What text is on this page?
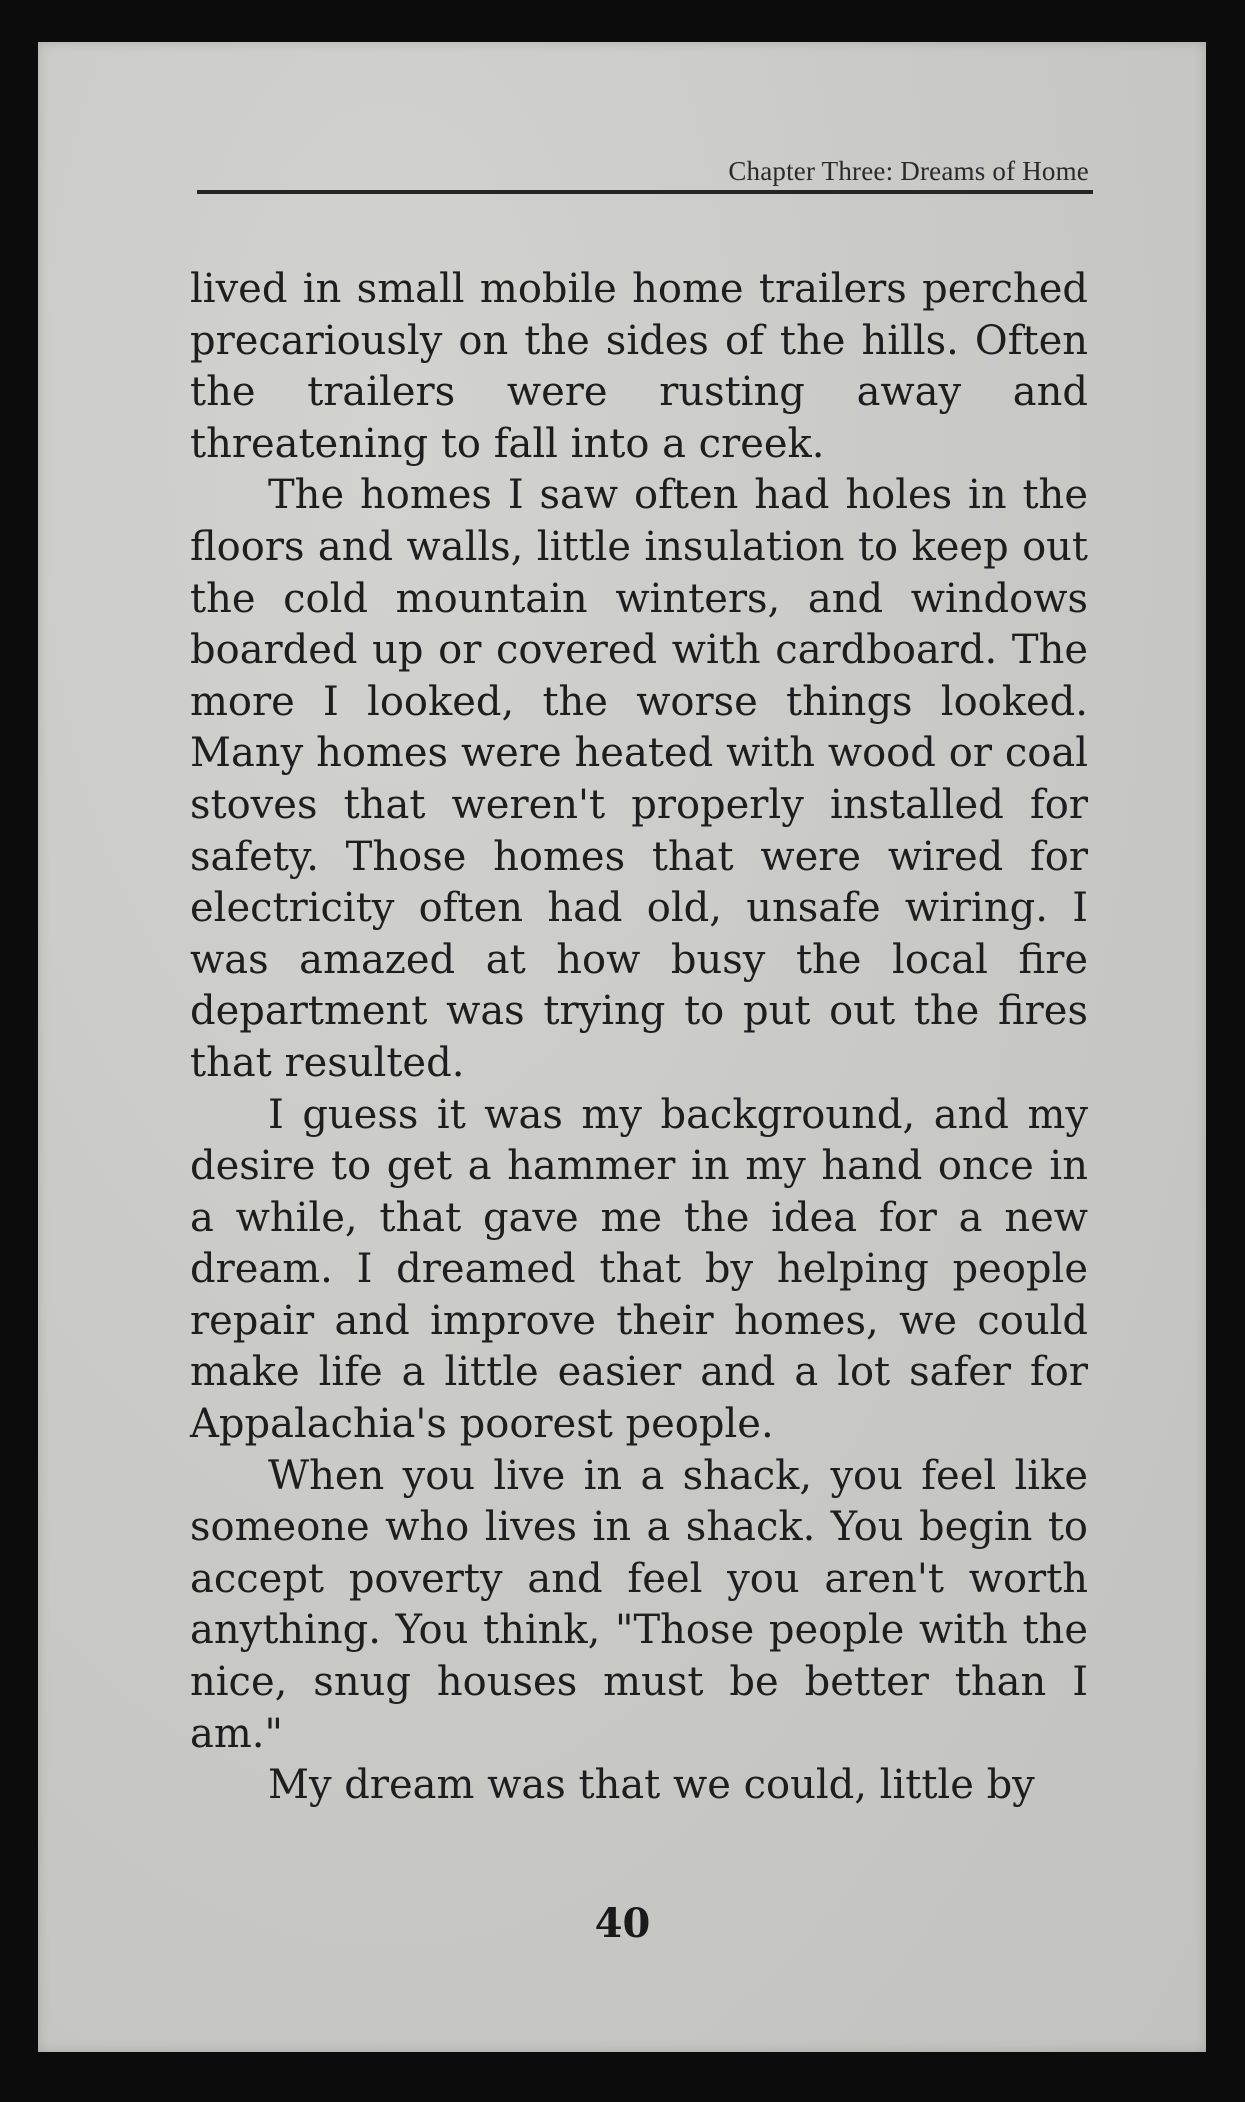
Chapter Three: Dreams of Home

lived in small mobile home trailers perched precariously on the sides of the hills. Often the trailers were rusting away and threatening to fall into a creek.

The homes I saw often had holes in the floors and walls, little insulation to keep out the cold mountain winters, and windows boarded up or covered with cardboard. The more I looked, the worse things looked. Many homes were heated with wood or coal stoves that weren't properly installed for safety. Those homes that were wired for electricity often had old, unsafe wiring. I was amazed at how busy the local fire department was trying to put out the fires that resulted.

I guess it was my background, and my desire to get a hammer in my hand once in a while, that gave me the idea for a new dream. I dreamed that by helping people repair and improve their homes, we could make life a little easier and a lot safer for Appalachia's poorest people.

When you live in a shack, you feel like someone who lives in a shack. You begin to accept poverty and feel you aren't worth anything. You think, "Those people with the nice, snug houses must be better than I am."

My dream was that we could, little by

40
